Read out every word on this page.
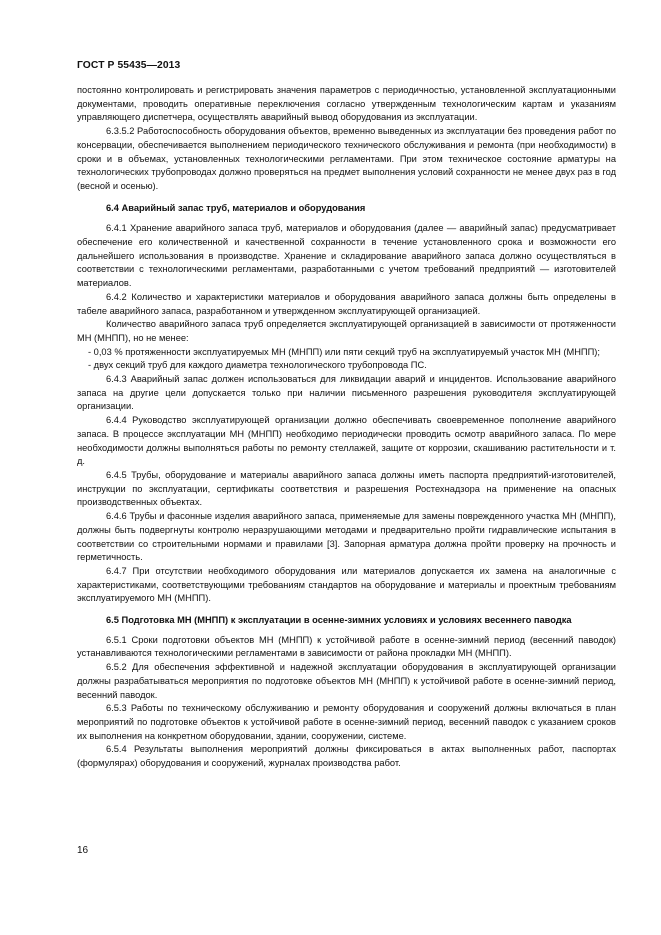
ГОСТ Р 55435—2013

постоянно контролировать и регистрировать значения параметров с периодичностью, установленной эксплуатационными документами, проводить оперативные переключения согласно утвержденным технологическим картам и указаниям управляющего диспетчера, осуществлять аварийный вывод оборудования из эксплуатации.

6.3.5.2 Работоспособность оборудования объектов, временно выведенных из эксплуатации без проведения работ по консервации, обеспечивается выполнением периодического технического обслуживания и ремонта (при необходимости) в сроки и в объемах, установленных технологическими регламентами. При этом техническое состояние арматуры на технологических трубопроводах должно проверяться на предмет выполнения условий сохранности не менее двух раз в год (весной и осенью).

6.4 Аварийный запас труб, материалов и оборудования

6.4.1 Хранение аварийного запаса труб, материалов и оборудования (далее — аварийный запас) предусматривает обеспечение его количественной и качественной сохранности в течение установленного срока и возможности его дальнейшего использования в производстве. Хранение и складирование аварийного запаса должно осуществляться в соответствии с технологическими регламентами, разработанными с учетом требований предприятий — изготовителей материалов.

6.4.2 Количество и характеристики материалов и оборудования аварийного запаса должны быть определены в табеле аварийного запаса, разработанном и утвержденном эксплуатирующей организацией.

Количество аварийного запаса труб определяется эксплуатирующей организацией в зависимости от протяженности МН (МНПП), но не менее:

- 0,03 % протяженности эксплуатируемых МН (МНПП) или пяти секций труб на эксплуатируемый участок МН (МНПП);

- двух секций труб для каждого диаметра технологического трубопровода ПС.

6.4.3 Аварийный запас должен использоваться для ликвидации аварий и инцидентов. Использование аварийного запаса на другие цели допускается только при наличии письменного разрешения руководителя эксплуатирующей организации.

6.4.4 Руководство эксплуатирующей организации должно обеспечивать своевременное пополнение аварийного запаса. В процессе эксплуатации МН (МНПП) необходимо периодически проводить осмотр аварийного запаса. По мере необходимости должны выполняться работы по ремонту стеллажей, защите от коррозии, скашиванию растительности и т. д.

6.4.5 Трубы, оборудование и материалы аварийного запаса должны иметь паспорта предприятий-изготовителей, инструкции по эксплуатации, сертификаты соответствия и разрешения Ростехнадзора на применение на опасных производственных объектах.

6.4.6 Трубы и фасонные изделия аварийного запаса, применяемые для замены поврежденного участка МН (МНПП), должны быть подвергнуты контролю неразрушающими методами и предварительно пройти гидравлические испытания в соответствии со строительными нормами и правилами [3]. Запорная арматура должна пройти проверку на прочность и герметичность.

6.4.7 При отсутствии необходимого оборудования или материалов допускается их замена на аналогичные с характеристиками, соответствующими требованиям стандартов на оборудование и материалы и проектным требованиям эксплуатируемого МН (МНПП).

6.5 Подготовка МН (МНПП) к эксплуатации в осенне-зимних условиях и условиях весеннего паводка

6.5.1 Сроки подготовки объектов МН (МНПП) к устойчивой работе в осенне-зимний период (весенний паводок) устанавливаются технологическими регламентами в зависимости от района прокладки МН (МНПП).

6.5.2 Для обеспечения эффективной и надежной эксплуатации оборудования в эксплуатирующей организации должны разрабатываться мероприятия по подготовке объектов МН (МНПП) к устойчивой работе в осенне-зимний период, весенний паводок.

6.5.3 Работы по техническому обслуживанию и ремонту оборудования и сооружений должны включаться в план мероприятий по подготовке объектов к устойчивой работе в осенне-зимний период, весенний паводок с указанием сроков их выполнения на конкретном оборудовании, здании, сооружении, системе.

6.5.4 Результаты выполнения мероприятий должны фиксироваться в актах выполненных работ, паспортах (формулярах) оборудования и сооружений, журналах производства работ.

16
